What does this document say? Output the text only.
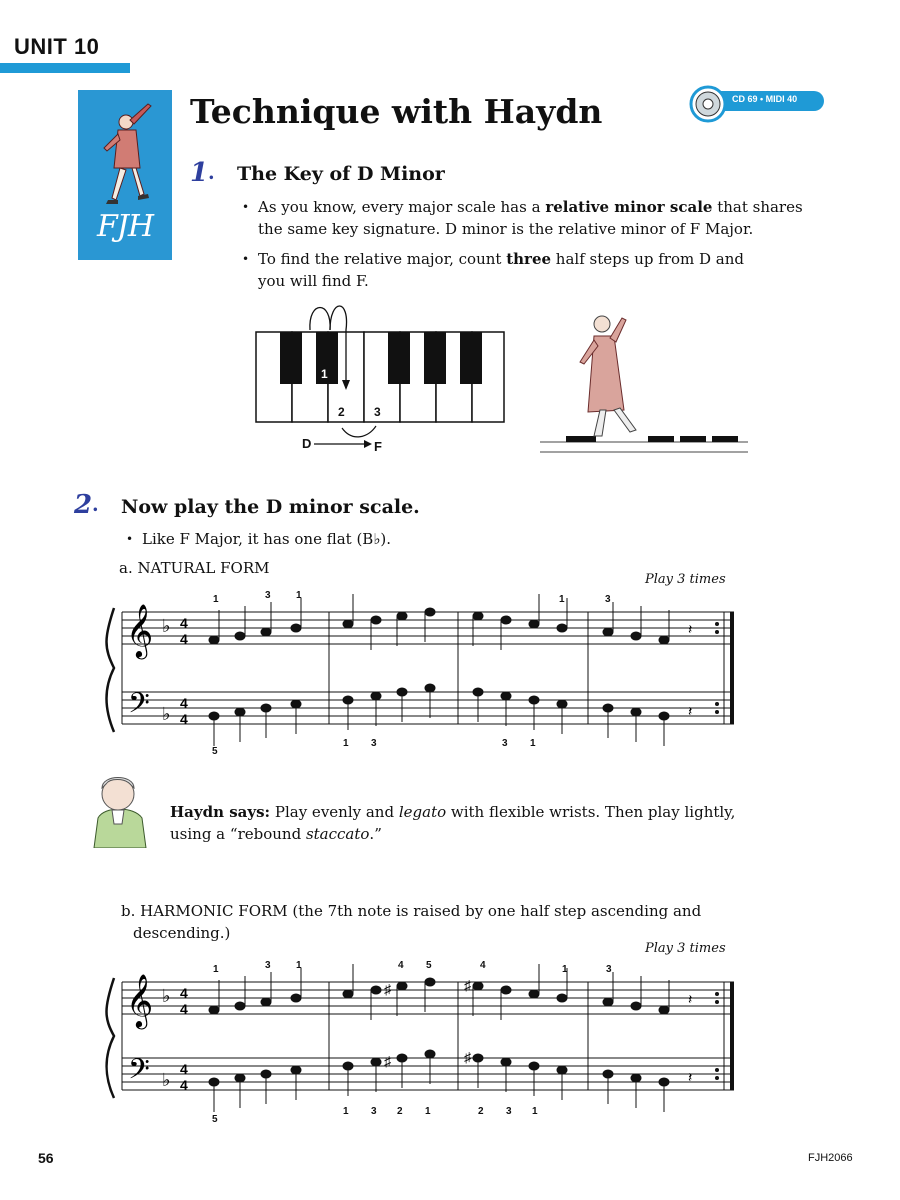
UNIT 10
FJH
Technique with Haydn	CD 69 • MIDI 40
1• The Key of D Minor
• As you know, every major scale has a relative minor scale that shares
the same key signature. D minor is the relative minor of F Major.
• To find the relative major, count three half steps up from D and
you will find F.
1
2 3
D	F
2• Now play the D minor scale.
• Like F Major, it has one flat (B♭).
a. NATURAL FORM
Play 3 times
𝄞
𝄢
♭
♭
4
4
4
4
𝄽
𝄽
1	3	1	1	3
5
1 3	3 1
Haydn says: Play evenly and legato with flexible wrists. Then play lightly,
using a “rebound staccato.”
b. HARMONIC FORM (the 7th note is raised by one half step ascending and
descending.)
Play 3 times
𝄞
𝄢
♭
♭
4
4
4
4
♯	♯
𝄽
♯	♯
𝄽
1	3	1	4 5	4	1	3
5
1 3 2 1	2 3 1
56	FJH2066
